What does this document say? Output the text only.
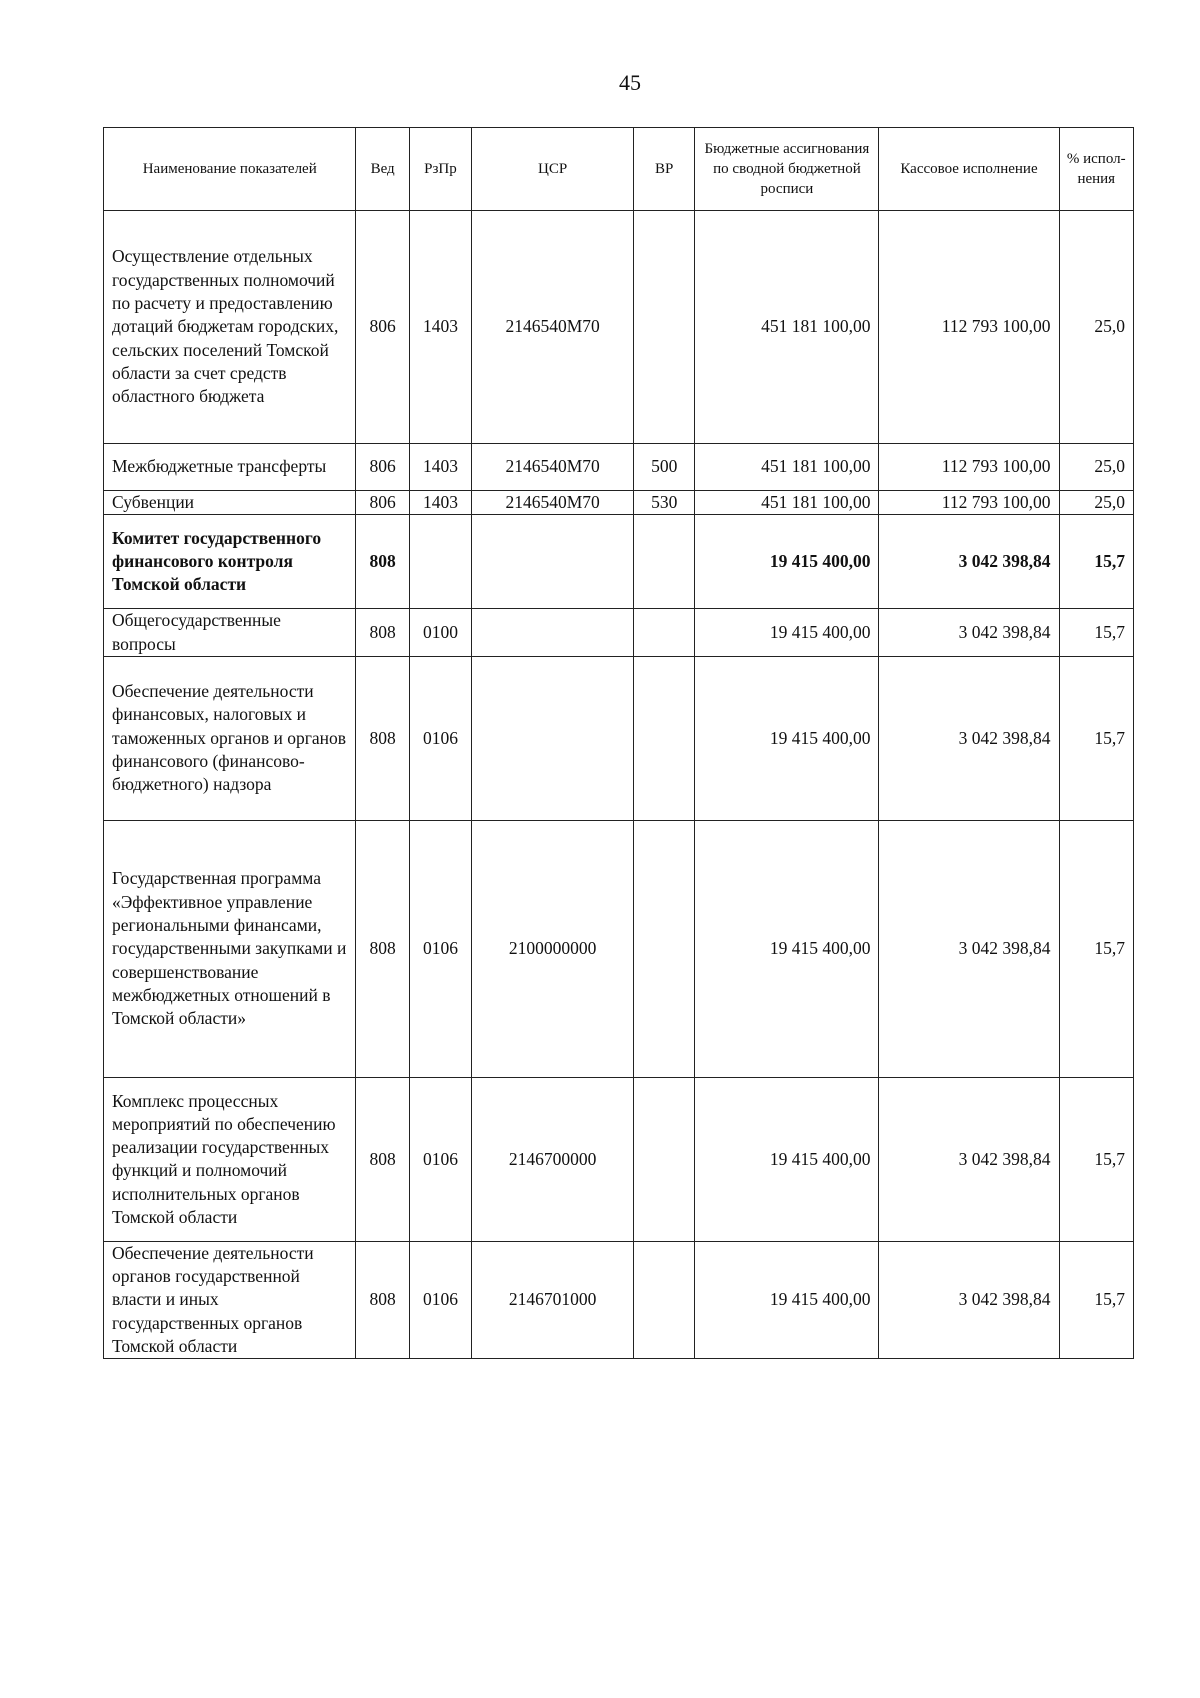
45
Наименование показателей	Вед	РзПр	ЦСР	ВР	Бюджетные ассигнования по сводной бюджетной росписи	Кассовое исполнение	% испол-нения
Осуществление отдельных государственных полномочий по расчету и предоставлению дотаций бюджетам городских, сельских поселений Томской области за счет средств областного бюджета	806	1403	2146540М70		451 181 100,00	112 793 100,00	25,0
Межбюджетные трансферты	806	1403	2146540М70	500	451 181 100,00	112 793 100,00	25,0
Субвенции	806	1403	2146540М70	530	451 181 100,00	112 793 100,00	25,0
Комитет государственного финансового контроля Томской области	808				19 415 400,00	3 042 398,84	15,7
Общегосударственные вопросы	808	0100			19 415 400,00	3 042 398,84	15,7
Обеспечение деятельности финансовых, налоговых и таможенных органов и органов финансового (финансово-бюджетного) надзора	808	0106			19 415 400,00	3 042 398,84	15,7
Государственная программа «Эффективное управление региональными финансами, государственными закупками и совершенствование межбюджетных отношений в Томской области»	808	0106	2100000000		19 415 400,00	3 042 398,84	15,7
Комплекс процессных мероприятий по обеспечению реализации государственных функций и полномочий исполнительных органов Томской области	808	0106	2146700000		19 415 400,00	3 042 398,84	15,7
Обеспечение деятельности органов государственной власти и иных государственных органов Томской области	808	0106	2146701000		19 415 400,00	3 042 398,84	15,7
